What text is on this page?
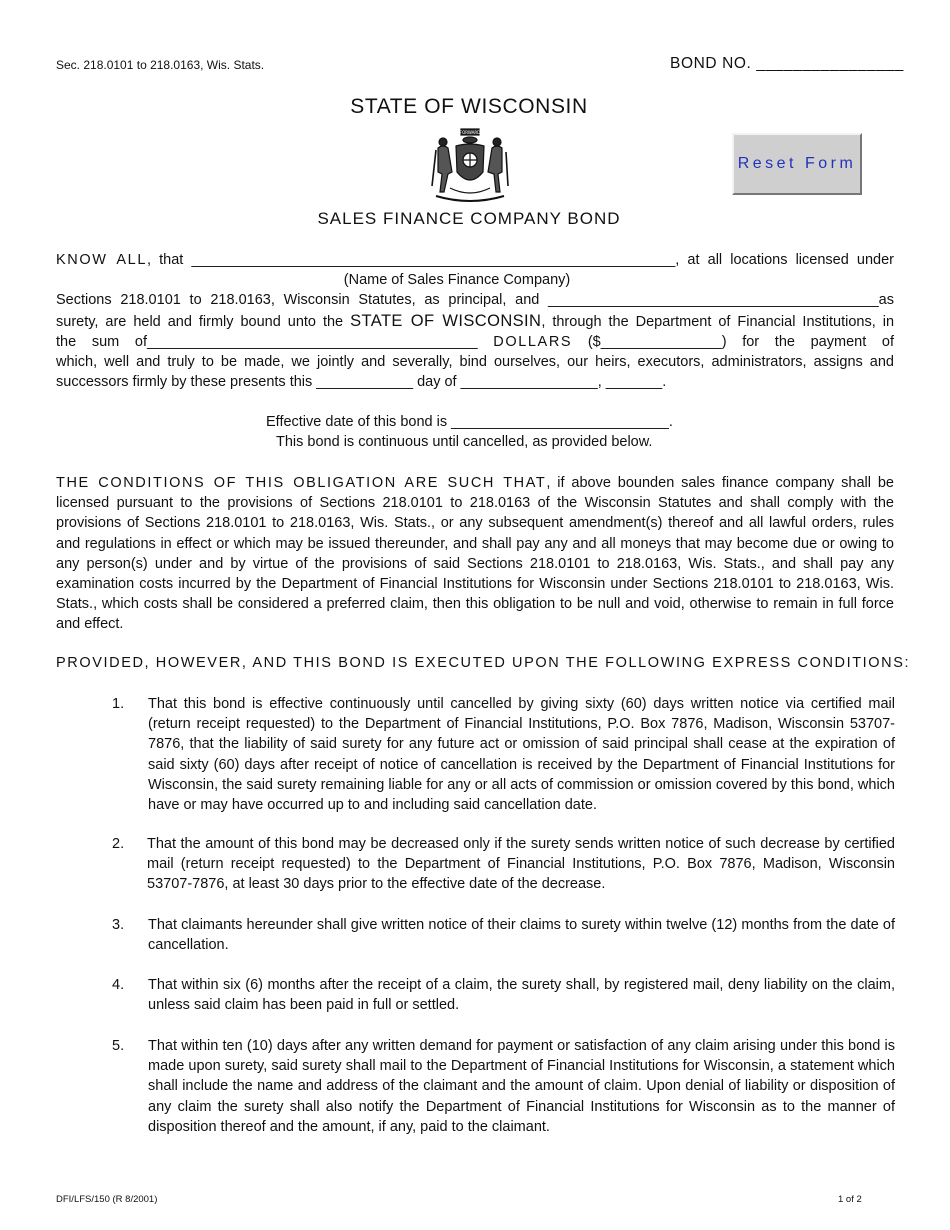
Sec. 218.0101 to 218.0163, Wis. Stats.	BOND NO. ________________
STATE OF WISCONSIN
FORWARD
Reset Form
SALES FINANCE COMPANY BOND
KNOW ALL, that ____________________________________________________________, at all locations licensed under
(Name of Sales Finance Company)
Sections 218.0101 to 218.0163, Wisconsin Statutes, as principal, and _________________________________________as
surety, are held and firmly bound unto the STATE OF WISCONSIN, through the Department of Financial Institutions, in
the sum of_________________________________________ DOLLARS ($_______________) for the payment of
which, well and truly to be made, we jointly and severally, bind ourselves, our heirs, executors, administrators, assigns and
successors firmly by these presents this ____________ day of _________________, _______.
Effective date of this bond is ___________________________.
This bond is continuous until cancelled, as provided below.
THE CONDITIONS OF THIS OBLIGATION ARE SUCH THAT, if above bounden sales finance company shall be licensed pursuant to the provisions of Sections 218.0101 to 218.0163 of the Wisconsin Statutes and shall comply with the provisions of Sections 218.0101 to 218.0163, Wis. Stats., or any subsequent amendment(s) thereof and all lawful orders, rules and regulations in effect or which may be issued thereunder, and shall pay any and all moneys that may become due or owing to any person(s) under and by virtue of the provisions of said Sections 218.0101 to 218.0163, Wis. Stats., and shall pay any examination costs incurred by the Department of Financial Institutions for Wisconsin under Sections 218.0101 to 218.0163, Wis. Stats., which costs shall be considered a preferred claim, then this obligation to be null and void, otherwise to remain in full force and effect.
PROVIDED, HOWEVER, AND THIS BOND IS EXECUTED UPON THE FOLLOWING EXPRESS CONDITIONS:
1. That this bond is effective continuously until cancelled by giving sixty (60) days written notice via certified mail (return receipt requested) to the Department of Financial Institutions, P.O. Box 7876, Madison, Wisconsin 53707-7876, that the liability of said surety for any future act or omission of said principal shall cease at the expiration of said sixty (60) days after receipt of notice of cancellation is received by the Department of Financial Institutions for Wisconsin, the said surety remaining liable for any or all acts of commission or omission covered by this bond, which have or may have occurred up to and including said cancellation date.
2. That the amount of this bond may be decreased only if the surety sends written notice of such decrease by certified mail (return receipt requested) to the Department of Financial Institutions, P.O. Box 7876, Madison, Wisconsin 53707-7876, at least 30 days prior to the effective date of the decrease.
3. That claimants hereunder shall give written notice of their claims to surety within twelve (12) months from the date of cancellation.
4. That within six (6) months after the receipt of a claim, the surety shall, by registered mail, deny liability on the claim, unless said claim has been paid in full or settled.
5. That within ten (10) days after any written demand for payment or satisfaction of any claim arising under this bond is made upon surety, said surety shall mail to the Department of Financial Institutions for Wisconsin, a statement which shall include the name and address of the claimant and the amount of claim. Upon denial of liability or disposition of any claim the surety shall also notify the Department of Financial Institutions for Wisconsin as to the manner of disposition thereof and the amount, if any, paid to the claimant.
DFI/LFS/150 (R 8/2001)	1 of 2
